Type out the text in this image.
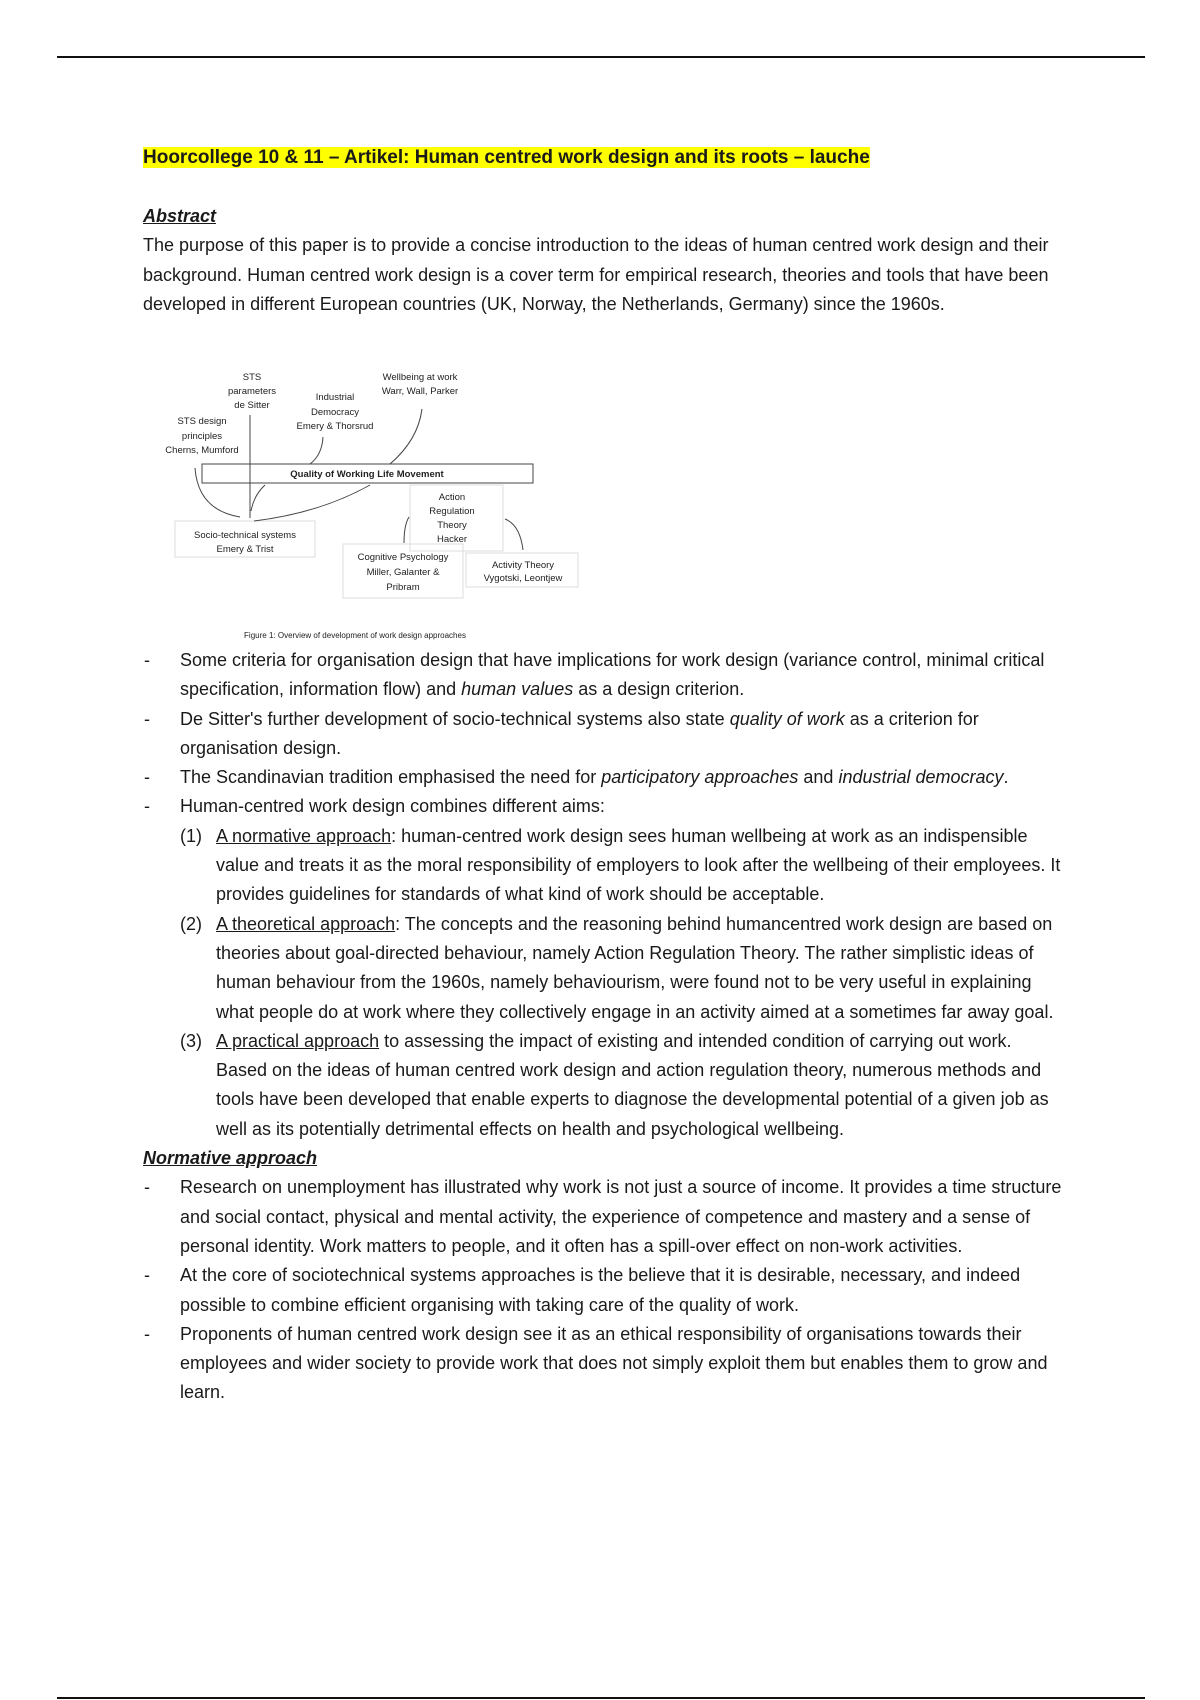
Hoorcollege 10 & 11 – Artikel: Human centred work design and its roots – lauche
Abstract

The purpose of this paper is to provide a concise introduction to the ideas of human centred work design and their background. Human centred work design is a cover term for empirical research, theories and tools that have been developed in different European countries (UK, Norway, the Netherlands, Germany) since the 1960s.

STS
parameters
de Sitter
Industrial
Democracy
Emery & Thorsrud
Wellbeing at work
Warr, Wall, Parker
STS design
principles
Cherns, Mumford
Quality of Working Life Movement
Action
Regulation
Theory
Hacker
Socio-technical systems
Emery & Trist
Cognitive Psychology
Miller, Galanter &
Pribram
Activity Theory
Vygotski, Leontjew
Figure 1: Overview of development of work design approaches
- Some criteria for organisation design that have implications for work design (variance control, minimal critical specification, information flow) and human values as a design criterion.
- De Sitter's further development of socio-technical systems also state quality of work as a criterion for organisation design.
- The Scandinavian tradition emphasised the need for participatory approaches and industrial democracy.
- Human-centred work design combines different aims:
(1) A normative approach: human-centred work design sees human wellbeing at work as an indispensible value and treats it as the moral responsibility of employers to look after the wellbeing of their employees. It provides guidelines for standards of what kind of work should be acceptable.
(2) A theoretical approach: The concepts and the reasoning behind humancentred work design are based on theories about goal-directed behaviour, namely Action Regulation Theory. The rather simplistic ideas of human behaviour from the 1960s, namely behaviourism, were found not to be very useful in explaining what people do at work where they collectively engage in an activity aimed at a sometimes far away goal.
(3) A practical approach to assessing the impact of existing and intended condition of carrying out work. Based on the ideas of human centred work design and action regulation theory, numerous methods and tools have been developed that enable experts to diagnose the developmental potential of a given job as well as its potentially detrimental effects on health and psychological wellbeing.
Normative approach
- Research on unemployment has illustrated why work is not just a source of income. It provides a time structure and social contact, physical and mental activity, the experience of competence and mastery and a sense of personal identity. Work matters to people, and it often has a spill-over effect on non-work activities.
- At the core of sociotechnical systems approaches is the believe that it is desirable, necessary, and indeed possible to combine efficient organising with taking care of the quality of work.
- Proponents of human centred work design see it as an ethical responsibility of organisations towards their employees and wider society to provide work that does not simply exploit them but enables them to grow and learn.
